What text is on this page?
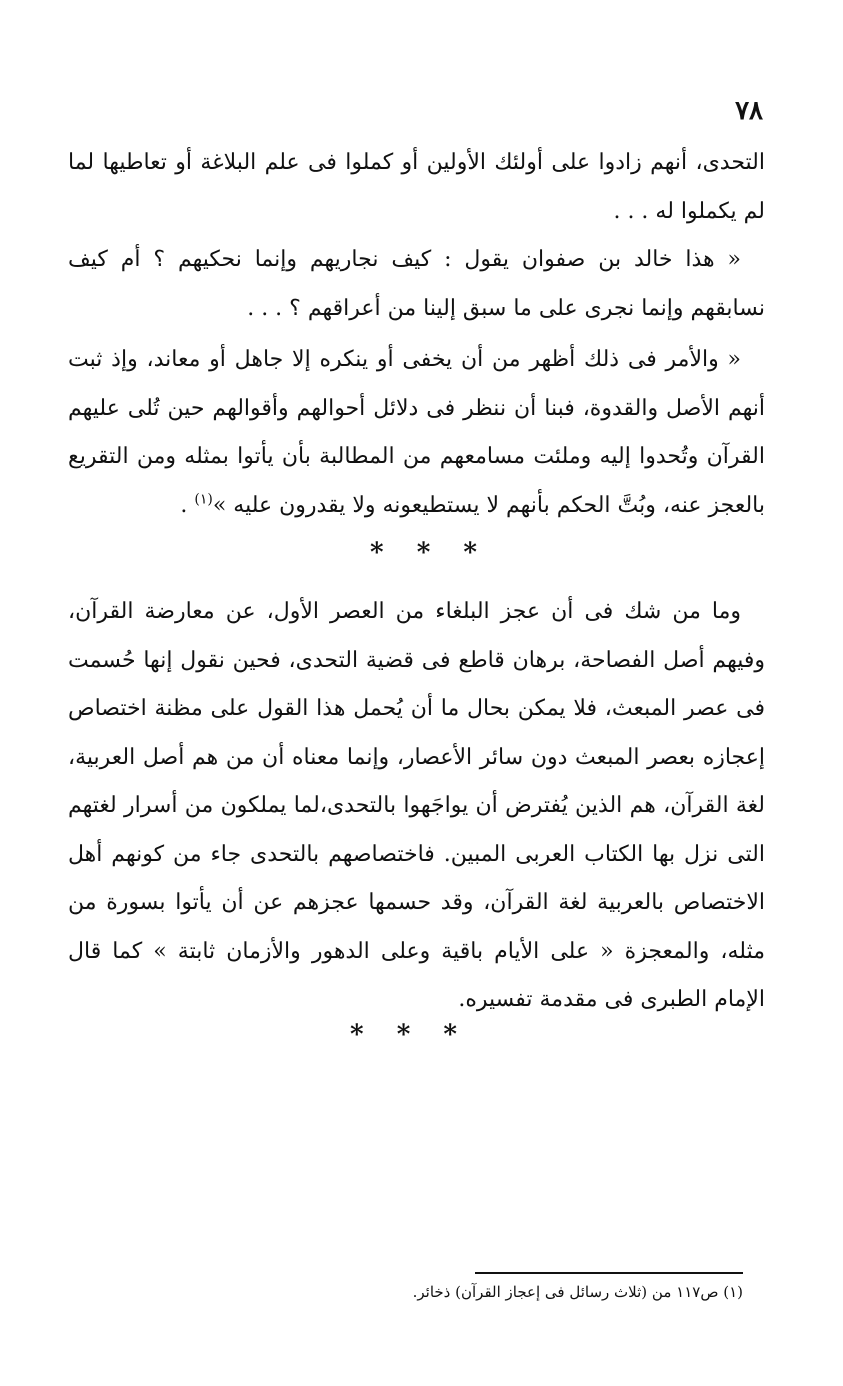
٧٨

التحدى، أنهم زادوا على أولئك الأولين أو كملوا فى علم البلاغة أو تعاطيها لما لم يكملوا له . . .

« هذا خالد بن صفوان يقول : كيف نجاريهم وإنما نحكيهم ؟ أم كيف نسابقهم وإنما نجرى على ما سبق إلينا من أعراقهم ؟ . . .

« والأمر فى ذلك أظهر من أن يخفى أو ينكره إلا جاهل أو معاند، وإذ ثبت أنهم الأصل والقدوة، فبنا أن ننظر فى دلائل أحوالهم وأقوالهم حين تُلى عليهم القرآن وتُحدوا إليه وملئت مسامعهم من المطالبة بأن يأتوا بمثله ومن التقريع بالعجز عنه، وبُتَّ الحكم بأنهم لا يستطيعونه ولا يقدرون عليه »$^{(١)}$ .

* * *

وما من شك فى أن عجز البلغاء من العصر الأول، عن معارضة القرآن، وفيهم أصل الفصاحة، برهان قاطع فى قضية التحدى، فحين نقول إنها حُسمت فى عصر المبعث، فلا يمكن بحال ما أن يُحمل هذا القول على مظنة اختصاص إعجازه بعصر المبعث دون سائر الأعصار، وإنما معناه أن من هم أصل العربية، لغة القرآن، هم الذين يُفترض أن يواجَهوا بالتحدى،لما يملكون من أسرار لغتهم التى نزل بها الكتاب العربى المبين. فاختصاصهم بالتحدى جاء من كونهم أهل الاختصاص بالعربية لغة القرآن، وقد حسمها عجزهم عن أن يأتوا بسورة من مثله، والمعجزة « على الأيام باقية وعلى الدهور والأزمان ثابتة » كما قال الإمام الطبرى فى مقدمة تفسيره.

* * *
(١) ص١١٧ من (ثلاث رسائل فى إعجاز القرآن) ذخائر.
